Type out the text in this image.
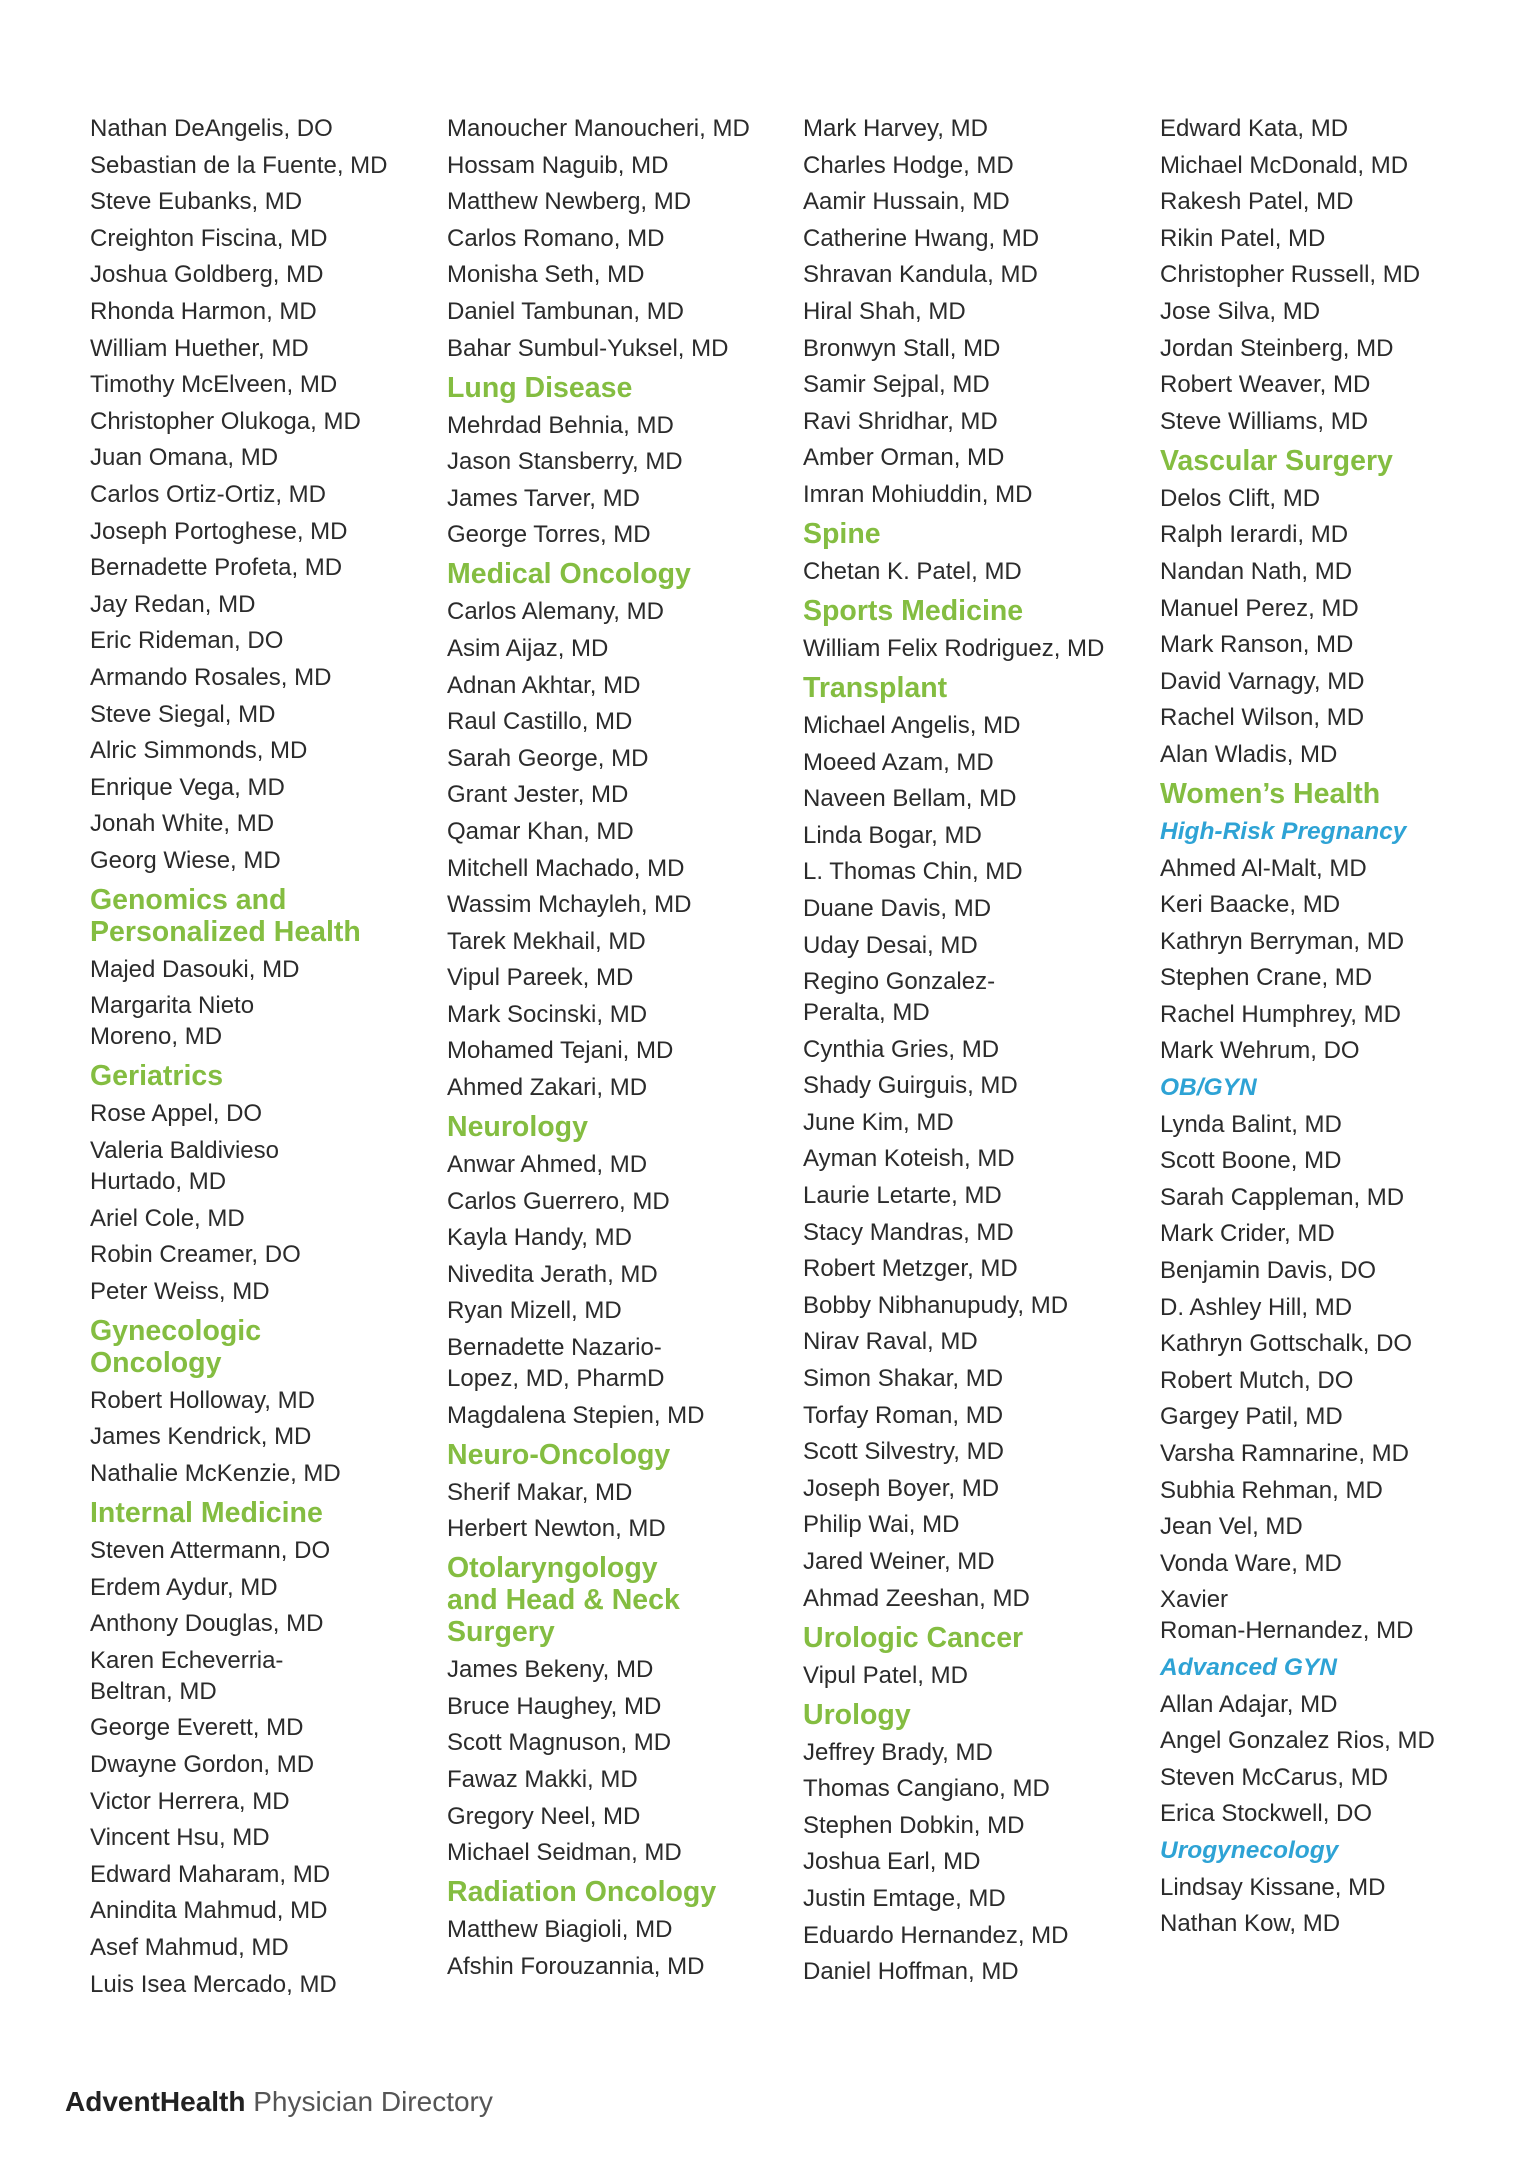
Nathan DeAngelis, DO
Sebastian de la Fuente, MD
Steve Eubanks, MD
Creighton Fiscina, MD
Joshua Goldberg, MD
Rhonda Harmon, MD
William Huether, MD
Timothy McElveen, MD
Christopher Olukoga, MD
Juan Omana, MD
Carlos Ortiz-Ortiz, MD
Joseph Portoghese, MD
Bernadette Profeta, MD
Jay Redan, MD
Eric Rideman, DO
Armando Rosales, MD
Steve Siegal, MD
Alric Simmonds, MD
Enrique Vega, MD
Jonah White, MD
Georg Wiese, MD
Genomics and
Personalized Health
Majed Dasouki, MD
Margarita Nieto
Moreno, MD
Geriatrics
Rose Appel, DO
Valeria Baldivieso
Hurtado, MD
Ariel Cole, MD
Robin Creamer, DO
Peter Weiss, MD
Gynecologic
Oncology
Robert Holloway, MD
James Kendrick, MD
Nathalie McKenzie, MD
Internal Medicine
Steven Attermann, DO
Erdem Aydur, MD
Anthony Douglas, MD
Karen Echeverria-
Beltran, MD
George Everett, MD
Dwayne Gordon, MD
Victor Herrera, MD
Vincent Hsu, MD
Edward Maharam, MD
Anindita Mahmud, MD
Asef Mahmud, MD
Luis Isea Mercado, MD
Manoucher Manoucheri, MD
Hossam Naguib, MD
Matthew Newberg, MD
Carlos Romano, MD
Monisha Seth, MD
Daniel Tambunan, MD
Bahar Sumbul-Yuksel, MD
Lung Disease
Mehrdad Behnia, MD
Jason Stansberry, MD
James Tarver, MD
George Torres, MD
Medical Oncology
Carlos Alemany, MD
Asim Aijaz, MD
Adnan Akhtar, MD
Raul Castillo, MD
Sarah George, MD
Grant Jester, MD
Qamar Khan, MD
Mitchell Machado, MD
Wassim Mchayleh, MD
Tarek Mekhail, MD
Vipul Pareek, MD
Mark Socinski, MD
Mohamed Tejani, MD
Ahmed Zakari, MD
Neurology
Anwar Ahmed, MD
Carlos Guerrero, MD
Kayla Handy, MD
Nivedita Jerath, MD
Ryan Mizell, MD
Bernadette Nazario-
Lopez, MD, PharmD
Magdalena Stepien, MD
Neuro-Oncology
Sherif Makar, MD
Herbert Newton, MD
Otolaryngology
and Head & Neck
Surgery
James Bekeny, MD
Bruce Haughey, MD
Scott Magnuson, MD
Fawaz Makki, MD
Gregory Neel, MD
Michael Seidman, MD
Radiation Oncology
Matthew Biagioli, MD
Afshin Forouzannia, MD
Mark Harvey, MD
Charles Hodge, MD
Aamir Hussain, MD
Catherine Hwang, MD
Shravan Kandula, MD
Hiral Shah, MD
Bronwyn Stall, MD
Samir Sejpal, MD
Ravi Shridhar, MD
Amber Orman, MD
Imran Mohiuddin, MD
Spine
Chetan K. Patel, MD
Sports Medicine
William Felix Rodriguez, MD
Transplant
Michael Angelis, MD
Moeed Azam, MD
Naveen Bellam, MD
Linda Bogar, MD
L. Thomas Chin, MD
Duane Davis, MD
Uday Desai, MD
Regino Gonzalez-
Peralta, MD
Cynthia Gries, MD
Shady Guirguis, MD
June Kim, MD
Ayman Koteish, MD
Laurie Letarte, MD
Stacy Mandras, MD
Robert Metzger, MD
Bobby Nibhanupudy, MD
Nirav Raval, MD
Simon Shakar, MD
Torfay Roman, MD
Scott Silvestry, MD
Joseph Boyer, MD
Philip Wai, MD
Jared Weiner, MD
Ahmad Zeeshan, MD
Urologic Cancer
Vipul Patel, MD
Urology
Jeffrey Brady, MD
Thomas Cangiano, MD
Stephen Dobkin, MD
Joshua Earl, MD
Justin Emtage, MD
Eduardo Hernandez, MD
Daniel Hoffman, MD
Edward Kata, MD
Michael McDonald, MD
Rakesh Patel, MD
Rikin Patel, MD
Christopher Russell, MD
Jose Silva, MD
Jordan Steinberg, MD
Robert Weaver, MD
Steve Williams, MD
Vascular Surgery
Delos Clift, MD
Ralph Ierardi, MD
Nandan Nath, MD
Manuel Perez, MD
Mark Ranson, MD
David Varnagy, MD
Rachel Wilson, MD
Alan Wladis, MD
Women’s Health
High-Risk Pregnancy
Ahmed Al-Malt, MD
Keri Baacke, MD
Kathryn Berryman, MD
Stephen Crane, MD
Rachel Humphrey, MD
Mark Wehrum, DO
OB/GYN
Lynda Balint, MD
Scott Boone, MD
Sarah Cappleman, MD
Mark Crider, MD
Benjamin Davis, DO
D. Ashley Hill, MD
Kathryn Gottschalk, DO
Robert Mutch, DO
Gargey Patil, MD
Varsha Ramnarine, MD
Subhia Rehman, MD
Jean Vel, MD
Vonda Ware, MD
Xavier
Roman-Hernandez, MD
Advanced GYN
Allan Adajar, MD
Angel Gonzalez Rios, MD
Steven McCarus, MD
Erica Stockwell, DO
Urogynecology
Lindsay Kissane, MD
Nathan Kow, MD
AdventHealth Physician Directory
